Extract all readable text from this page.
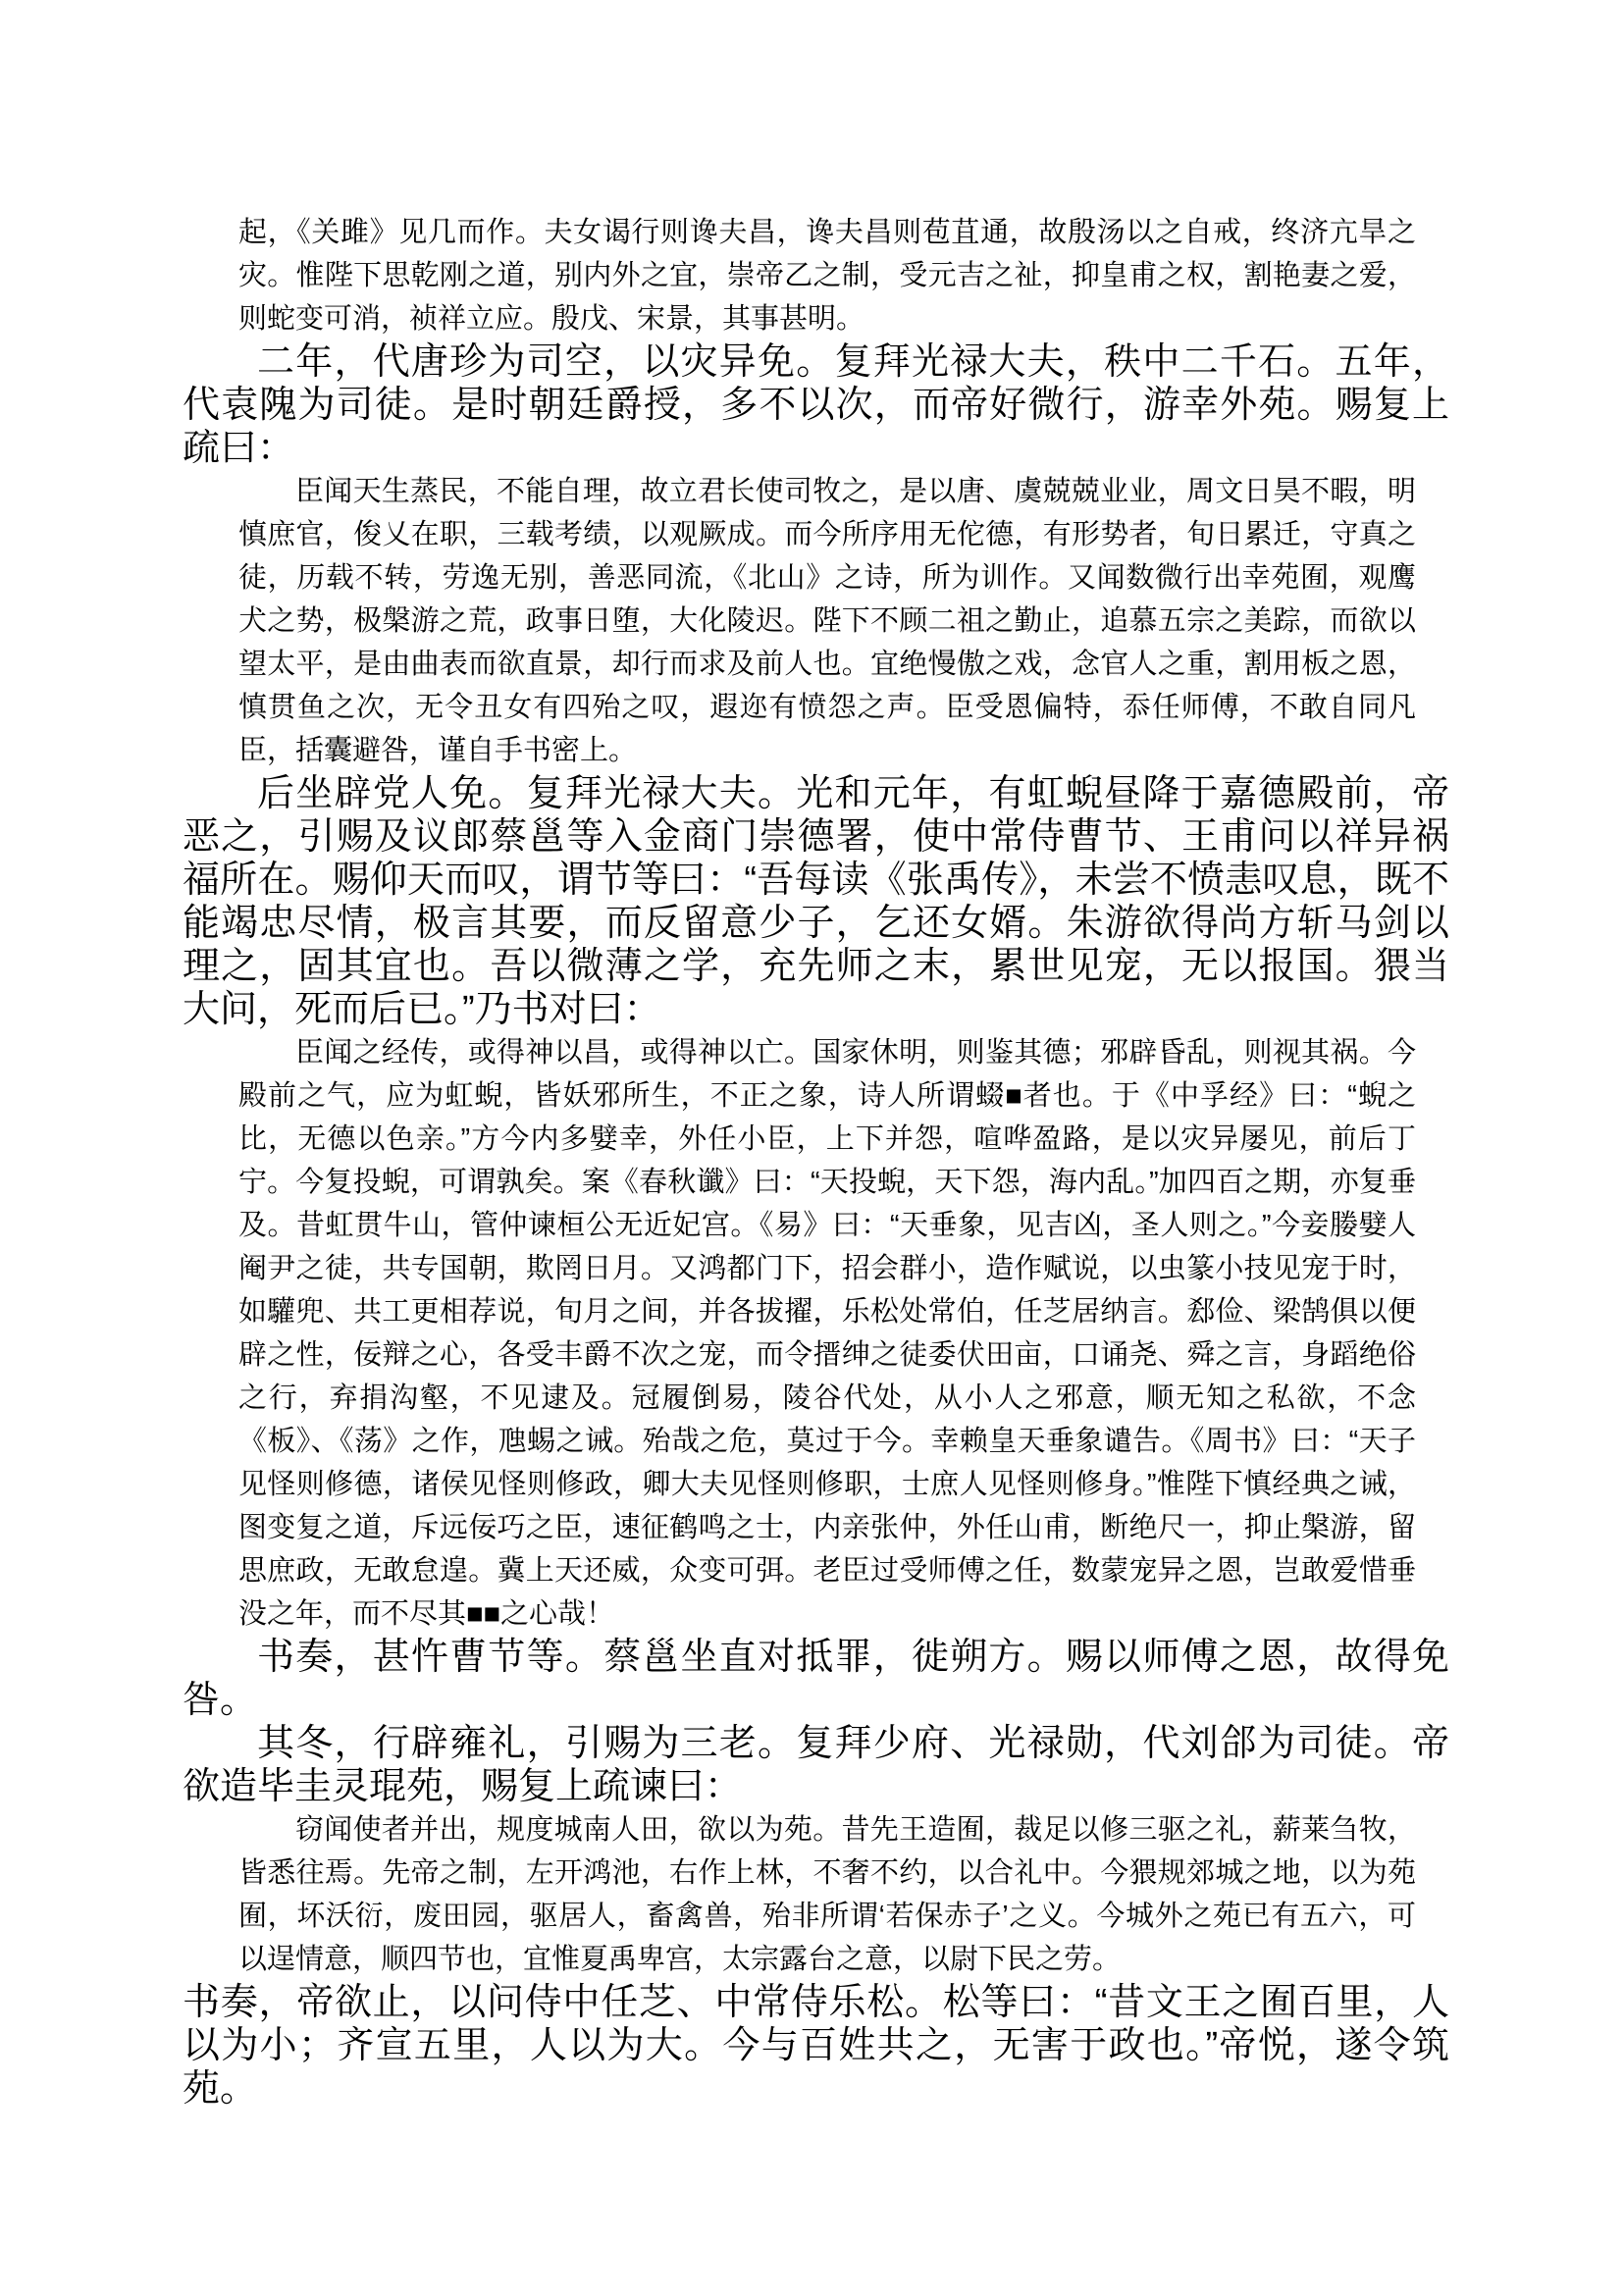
起，《关雎》见几而作。夫女谒行则谗夫昌，谗夫昌则苞苴通，故殷汤以之自戒，终济亢旱之灾。惟陛下思乾刚之道，别内外之宜，崇帝乙之制，受元吉之祉，抑皇甫之权，割艳妻之爱，则蛇变可消，祯祥立应。殷戊、宋景，其事甚明。

二年，代唐珍为司空，以灾异免。复拜光禄大夫，秩中二千石。五年，代袁隗为司徒。是时朝廷爵授，多不以次，而帝好微行，游幸外苑。赐复上疏曰：

臣闻天生蒸民，不能自理，故立君长使司牧之，是以唐、虞兢兢业业，周文日昊不暇，明慎庶官，俊乂在职，三载考绩，以观厥成。而今所序用无佗德，有形势者，旬日累迁，守真之徒，历载不转，劳逸无别，善恶同流，《北山》之诗，所为训作。又闻数微行出幸苑囿，观鹰犬之势，极槃游之荒，政事日堕，大化陵迟。陛下不顾二祖之勤止，追慕五宗之美踪，而欲以望太平，是由曲表而欲直景，却行而求及前人也。宜绝慢傲之戏，念官人之重，割用板之恩，慎贯鱼之次，无令丑女有四殆之叹，遐迩有愤怨之声。臣受恩偏特，忝任师傅，不敢自同凡臣，括囊避咎，谨自手书密上。

后坐辟党人免。复拜光禄大夫。光和元年，有虹蜺昼降于嘉德殿前，帝恶之，引赐及议郎蔡邕等入金商门崇德署，使中常侍曹节、王甫问以祥异祸福所在。赐仰天而叹，谓节等曰：“吾每读《张禹传》，未尝不愤恚叹息，既不能竭忠尽情，极言其要，而反留意少子，乞还女婿。朱游欲得尚方斩马剑以理之，固其宜也。吾以微薄之学，充先师之末，累世见宠，无以报国。猥当大问，死而后已。”乃书对曰：

臣闻之经传，或得神以昌，或得神以亡。国家休明，则鉴其德；邪辟昏乱，则视其祸。今殿前之气，应为虹蜺，皆妖邪所生，不正之象，诗人所谓蝃■者也。于《中孚经》曰：“蜺之比，无德以色亲。”方今内多嬖幸，外任小臣，上下并怨，喧哗盈路，是以灾异屡见，前后丁宁。今复投蜺，可谓孰矣。案《春秋谶》曰：“天投蜺，天下怨，海内乱。”加四百之期，亦复垂及。昔虹贯牛山，管仲谏桓公无近妃宫。《易》曰：“天垂象，见吉凶，圣人则之。”今妾媵嬖人阉尹之徒，共专国朝，欺罔日月。又鸿都门下，招会群小，造作赋说，以虫篆小技见宠于时，如驩兜、共工更相荐说，旬月之间，并各拔擢，乐松处常伯，任芝居纳言。郄俭、梁鹄俱以便辟之性，佞辩之心，各受丰爵不次之宠，而令搢绅之徒委伏田亩，口诵尧、舜之言，身蹈绝俗之行，弃捐沟壑，不见逮及。冠履倒易，陵谷代处，从小人之邪意，顺无知之私欲，不念《板》、《荡》之作，虺蜴之诫。殆哉之危，莫过于今。幸赖皇天垂象谴告。《周书》曰：“天子见怪则修德，诸侯见怪则修政，卿大夫见怪则修职，士庶人见怪则修身。”惟陛下慎经典之诫，图变复之道，斥远佞巧之臣，速征鹤鸣之士，内亲张仲，外任山甫，断绝尺一，抑止槃游，留思庶政，无敢怠遑。冀上天还威，众变可弭。老臣过受师傅之任，数蒙宠异之恩，岂敢爱惜垂没之年，而不尽其■■之心哉！

书奏，甚忤曹节等。蔡邕坐直对抵罪，徙朔方。赐以师傅之恩，故得免咎。

其冬，行辟雍礼，引赐为三老。复拜少府、光禄勋，代刘郃为司徒。帝欲造毕圭灵琨苑，赐复上疏谏曰：

窃闻使者并出，规度城南人田，欲以为苑。昔先王造囿，裁足以修三驱之礼，薪莱刍牧，皆悉往焉。先帝之制，左开鸿池，右作上林，不奢不约，以合礼中。今猥规郊城之地，以为苑囿，坏沃衍，废田园，驱居人，畜禽兽，殆非所谓‘若保赤子’之义。今城外之苑已有五六，可以逞情意，顺四节也，宜惟夏禹卑宫，太宗露台之意，以尉下民之劳。

书奏，帝欲止，以问侍中任芝、中常侍乐松。松等曰：“昔文王之囿百里，人以为小；齐宣五里，人以为大。今与百姓共之，无害于政也。”帝悦，遂令筑苑。
